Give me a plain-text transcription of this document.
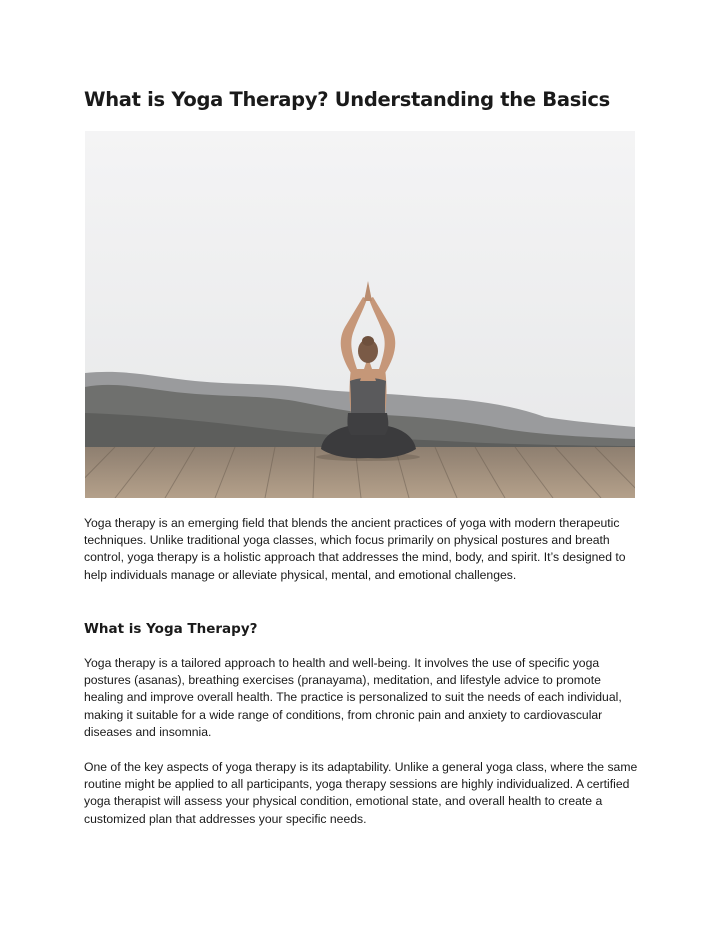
What is Yoga Therapy? Understanding the Basics

Yoga therapy is an emerging field that blends the ancient practices of yoga with modern therapeutic techniques. Unlike traditional yoga classes, which focus primarily on physical postures and breath control, yoga therapy is a holistic approach that addresses the mind, body, and spirit. It’s designed to help individuals manage or alleviate physical, mental, and emotional challenges.

What is Yoga Therapy?

Yoga therapy is a tailored approach to health and well-being. It involves the use of specific yoga postures (asanas), breathing exercises (pranayama), meditation, and lifestyle advice to promote healing and improve overall health. The practice is personalized to suit the needs of each individual, making it suitable for a wide range of conditions, from chronic pain and anxiety to cardiovascular diseases and insomnia.

One of the key aspects of yoga therapy is its adaptability. Unlike a general yoga class, where the same routine might be applied to all participants, yoga therapy sessions are highly individualized. A certified yoga therapist will assess your physical condition, emotional state, and overall health to create a customized plan that addresses your specific needs.
